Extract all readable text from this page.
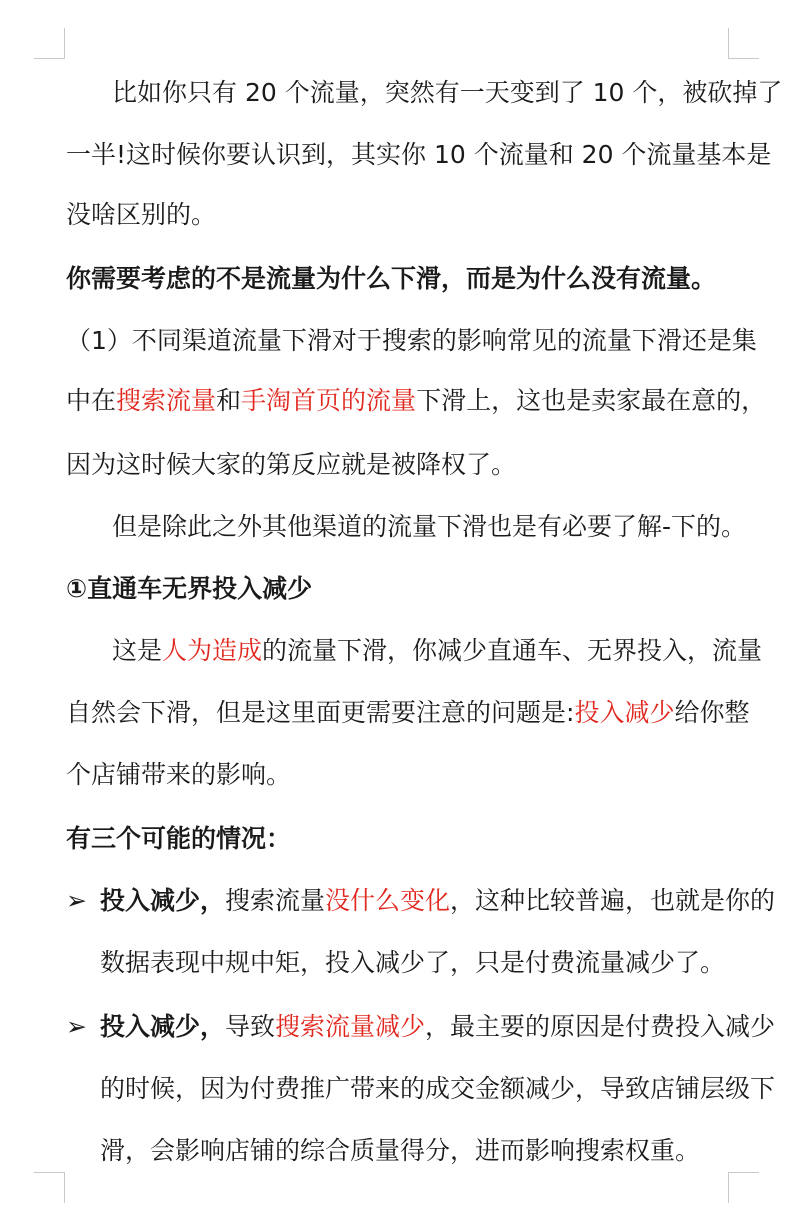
比如你只有 20 个流量，突然有一天变到了 10 个，被砍掉了
一半!这时候你要认识到，其实你 10 个流量和 20 个流量基本是
没啥区别的。
你需要考虑的不是流量为什么下滑，而是为什么没有流量。
（1）不同渠道流量下滑对于搜索的影响常见的流量下滑还是集
中在搜索流量和手淘首页的流量下滑上，这也是卖家最在意的，
因为这时候大家的第反应就是被降权了。
但是除此之外其他渠道的流量下滑也是有必要了解-下的。
①直通车无界投入减少
这是人为造成的流量下滑，你减少直通车、无界投入，流量
自然会下滑，但是这里面更需要注意的问题是:投入减少给你整
个店铺带来的影响。
有三个可能的情况：
➢ 投入减少，搜索流量没什么变化，这种比较普遍，也就是你的
数据表现中规中矩，投入减少了，只是付费流量减少了。
➢ 投入减少，导致搜索流量减少，最主要的原因是付费投入减少
的时候，因为付费推广带来的成交金额减少，导致店铺层级下
滑，会影响店铺的综合质量得分，进而影响搜索权重。
